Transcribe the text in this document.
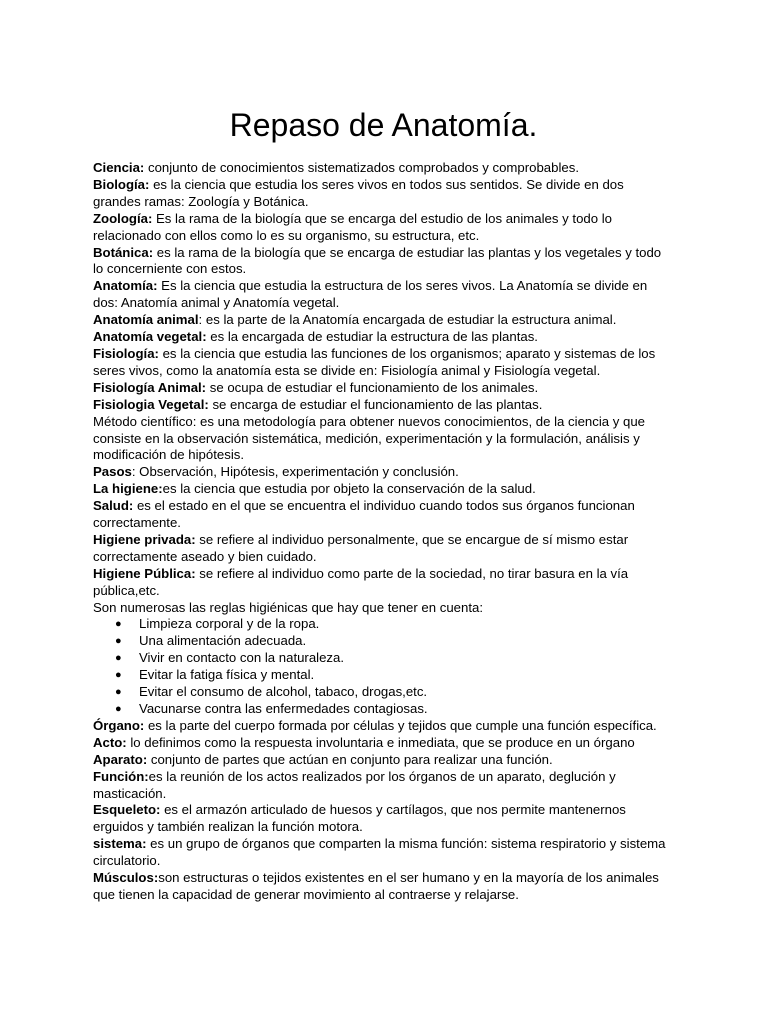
Repaso de Anatomía.

Ciencia: conjunto de conocimientos sistematizados comprobados y comprobables.

Biología: es la ciencia que estudia los seres vivos en todos sus sentidos. Se divide en dos grandes ramas: Zoología y Botánica.

Zoología: Es la rama de la biología que se encarga del estudio de los animales y todo lo relacionado con ellos como lo es su organismo, su estructura, etc.

Botánica: es la rama de la biología que se encarga de estudiar las plantas y los vegetales y todo lo concerniente con estos.

Anatomía: Es la ciencia que estudia la estructura de los seres vivos. La Anatomía se divide en dos: Anatomía animal y Anatomía vegetal.

Anatomía animal: es la parte de la Anatomía encargada de estudiar la estructura animal.

Anatomía vegetal: es la encargada de estudiar la estructura de las plantas.

Fisiología: es la ciencia que estudia las funciones de los organismos; aparato y sistemas de los seres vivos, como la anatomía esta se divide en: Fisiología animal y Fisiología vegetal.

Fisiología Animal: se ocupa de estudiar el funcionamiento de los animales.

Fisiologia Vegetal: se encarga de estudiar el funcionamiento de las plantas.

Método científico: es una metodología para obtener nuevos conocimientos, de la ciencia y que consiste en la observación sistemática, medición, experimentación y la formulación, análisis y modificación de hipótesis.

Pasos: Observación, Hipótesis, experimentación y conclusión.

La higiene:es la ciencia que estudia por objeto la conservación de la salud.

Salud: es el estado en el que se encuentra el individuo cuando todos sus órganos funcionan correctamente.

Higiene privada: se refiere al individuo personalmente, que se encargue de sí mismo estar correctamente aseado y bien cuidado.

Higiene Pública: se refiere al individuo como parte de la sociedad, no tirar basura en la vía pública,etc.

Son numerosas las reglas higiénicas que hay que tener en cuenta:

● Limpieza corporal y de la ropa.
● Una alimentación adecuada.
● Vivir en contacto con la naturaleza.
● Evitar la fatiga física y mental.
● Evitar el consumo de alcohol, tabaco, drogas,etc.
● Vacunarse contra las enfermedades contagiosas.

Órgano: es la parte del cuerpo formada por células y tejidos que cumple una función específica.

Acto: lo definimos como la respuesta involuntaria e inmediata, que se produce en un órgano

Aparato: conjunto de partes que actúan en conjunto para realizar una función.

Función:es la reunión de los actos realizados por los órganos de un aparato, deglución y masticación.

Esqueleto: es el armazón articulado de huesos y cartílagos, que nos permite mantenernos erguidos y también realizan la función motora.

sistema: es un grupo de órganos que comparten la misma función: sistema respiratorio y sistema circulatorio.

Músculos:son estructuras o tejidos existentes en el ser humano y en la mayoría de los animales que tienen la capacidad de generar movimiento al contraerse y relajarse.
